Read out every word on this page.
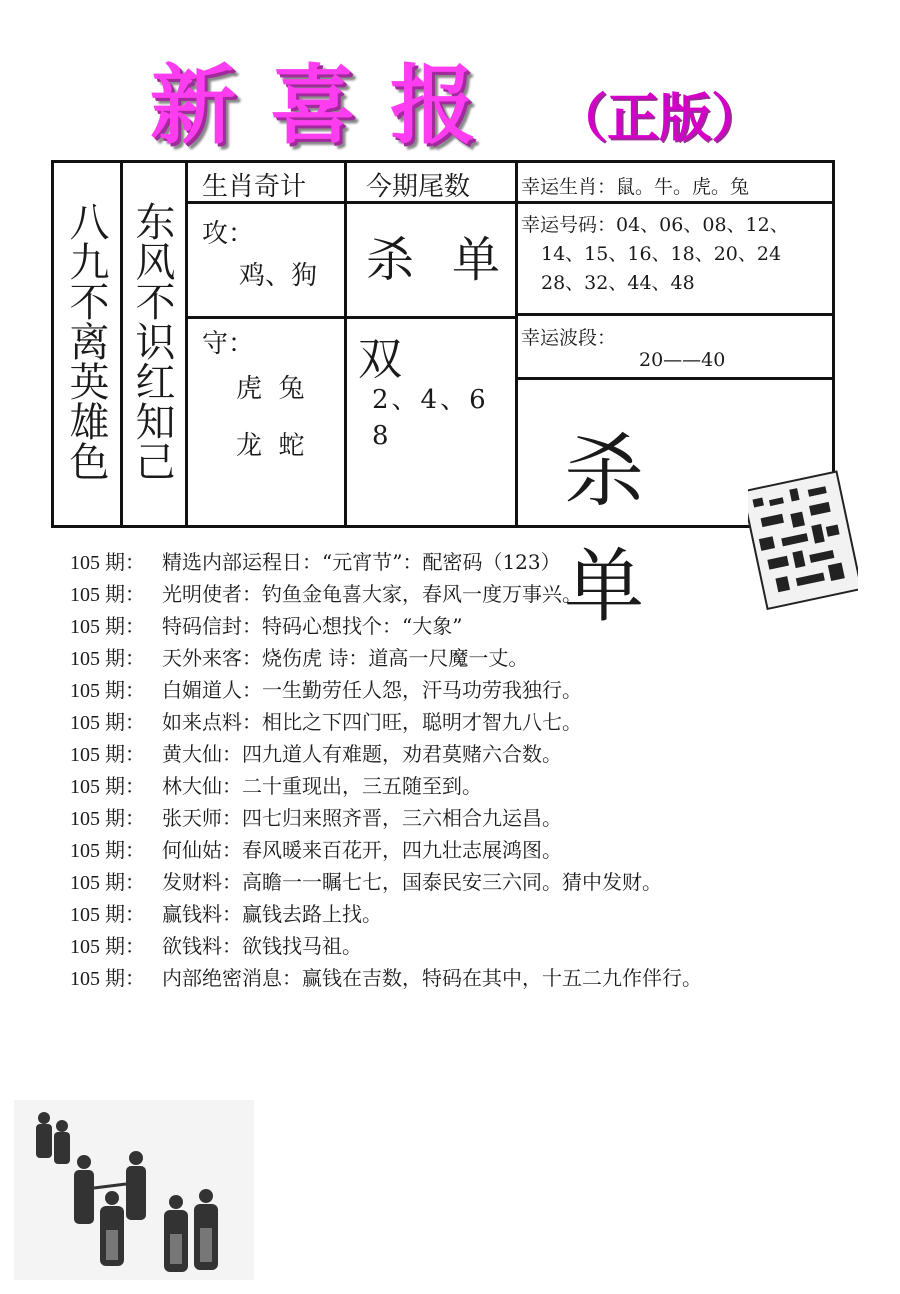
新喜报 （正版）
八九不离英雄色 东风不识红知己
生肖奇计
攻：
鸡、狗
守：
虎  兔
龙  蛇
今期尾数
杀单
双
2、4、6
8
幸运生肖：鼠。牛。虎。兔
幸运号码：04、06、08、12、
14、15、16、18、20、24
28、32、44、48
幸运波段：
20——40
杀单
105 期： 精选内部运程日：“元宵节”：配密码（123）
105 期： 光明使者：钓鱼金龟喜大家，春风一度万事兴。
105 期： 特码信封：特码心想找个：“大象”
105 期： 天外来客：烧伤虎 诗：道高一尺魔一丈。
105 期： 白媚道人：一生勤劳任人怨，汗马功劳我独行。
105 期： 如来点料：相比之下四门旺，聪明才智九八七。
105 期： 黄大仙：四九道人有难题，劝君莫赌六合数。
105 期： 林大仙：二十重现出，三五随至到。
105 期： 张天师：四七归来照齐晋，三六相合九运昌。
105 期： 何仙姑：春风暖来百花开，四九壮志展鸿图。
105 期： 发财料：高瞻一一瞩七七，国泰民安三六同。猜中发财。
105 期： 赢钱料：赢钱去路上找。
105 期： 欲钱料：欲钱找马祖。
105 期： 内部绝密消息：赢钱在吉数，特码在其中，十五二九作伴行。
